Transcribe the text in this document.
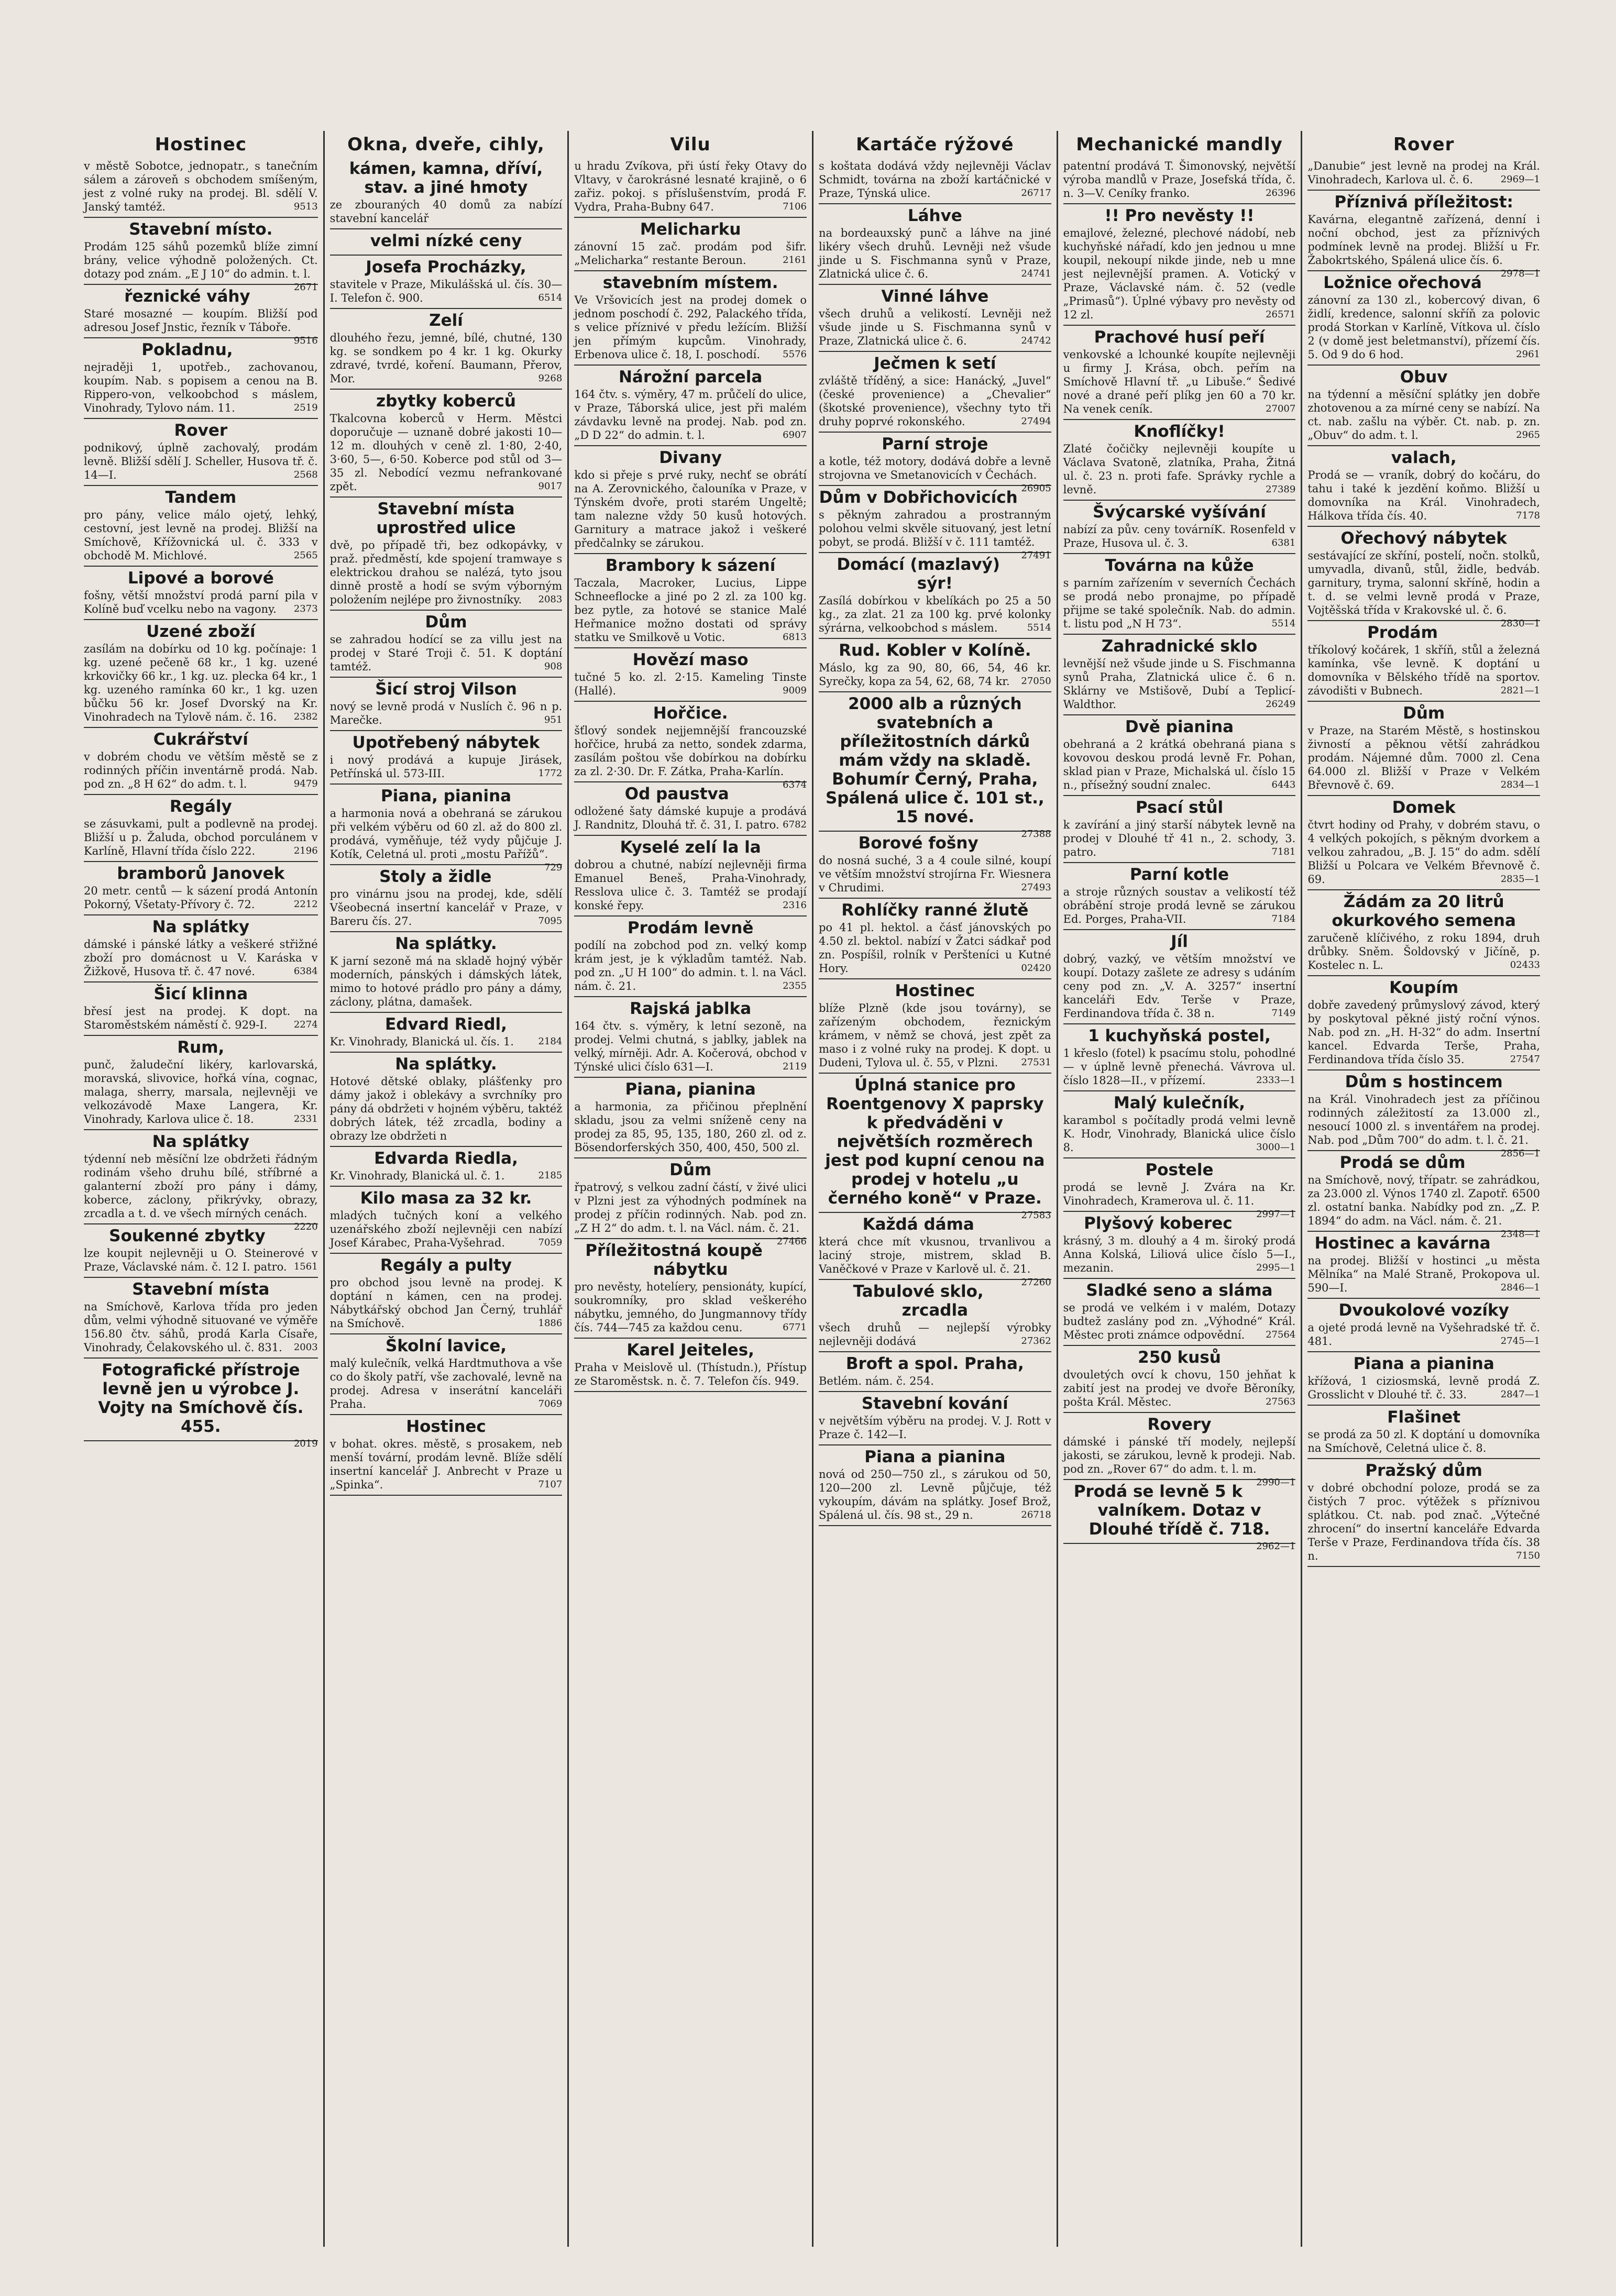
Hostinec
v městě Sobotce, jednopatr., s tanečním sálem a zároveň s obchodem smíšeným, jest z volné ruky na prodej. Bl. sdělí V. Janský tamtéž.	9513
Stavební místo.
Prodám 125 sáhů pozemků blíže zimní brány, velice výhodně položených. Ct. dotazy pod znám. „E J 10“ do admin. t. l.
2671
řeznické váhy
Staré mosazné — koupím. Bližší pod adresou Josef Jnstic, řezník v Táboře.
9516
Pokladnu,
nejraději 1, upotřeb., zachovanou, koupím. Nab. s popisem a cenou na B. Rippero-von, velkoobchod s máslem, Vinohrady, Tylovo nám. 11.	2519
Rover
podnikový, úplně zachovalý, prodám levně. Bližší sdělí J. Scheller, Husova tř. č. 14—I.	2568
Tandem
pro pány, velice málo ojetý, lehký, cestovní, jest levně na prodej. Bližší na Smíchově, Křížovnická ul. č. 333 v obchodě M. Michlové.	2565
Lipové a borové
fošny, větší množství prodá parní pila v Kolíně buď vcelku nebo na vagony. 2373
Uzené zboží
zasílám na dobírku od 10 kg. počínaje: 1 kg. uzené pečeně 68 kr., 1 kg. uzené krkovičky 66 kr., 1 kg. uz. plecka 64 kr., 1 kg. uzeného ramínka 60 kr., 1 kg. uzen bůčku 56 kr. Josef Dvorský na Kr. Vinohradech na Tylově nám. č. 16. 2382
Cukrářství
v dobrém chodu ve větším městě se z rodinných příčin inventárně prodá. Nab. pod zn. „8 H 62“ do adm. t. l.	9479
Regály
se zásuvkami, pult a podlevně na prodej. Bližší u p. Žaluda, obchod porculánem v Karlíně, Hlavní třída číslo 222.	2196
bramborů Janovek
20 metr. centů — k sázení prodá Antonín Pokorný, Všetaty-Přívory č. 72.	2212
Na splátky
dámské i pánské látky a veškeré střižné zboží pro domácnost u V. Karáska v Žižkově, Husova tř. č. 47 nové.	6384
Šicí klinna
břesí jest na prodej. K dopt. na Staroměstském náměstí č. 929-I.	2274
Rum,
punč, žaludeční likéry, karlovarská, moravská, slivovice, hořká vína, cognac, malaga, sherry, marsala, nejlevněji ve velkozávodě Maxe Langera, Kr. Vinohrady, Karlova ulice č. 18.	2331
Na splátky
týdenní neb měsíční lze obdržeti řádným rodinám všeho druhu bílé, stříbrné a galanterní zboží pro pány i dámy, koberce, záclony, přikrývky, obrazy, zrcadla a t. d. ve všech mírných cenách.
2220
Soukenné zbytky
lze koupit nejlevněji u O. Steinerové v Praze, Václavské nám. č. 12 I. patro. 1561
Stavební místa
na Smíchově, Karlova třída pro jeden dům, velmi výhodně situované ve výměře 156.80 čtv. sáhů, prodá Karla Císaře, Vinohrady, Čelakovského ul. č. 831. 2003
Fotografické přístroje levně jen u výrobce J. Vojty na Smíchově čís. 455.
2019
Okna, dveře, cihly,
kámen, kamna, dříví, stav. a jiné hmoty
ze zbouraných 40 domů za nabízí stavební kancelář
velmi nízké ceny
Josefa Procházky,
stavitele v Praze, Mikulášská ul. čís. 30—I. Telefon č. 900.	6514
Zelí
dlouhého řezu, jemné, bílé, chutné, 130 kg. se sondkem po 4 kr. 1 kg. Okurky zdravé, tvrdé, koření. Baumann, Přerov, Mor.	9268
zbytky koberců
Tkalcovna koberců v Herm. Městci doporučuje — uznaně dobré jakosti 10—12 m. dlouhých v ceně zl. 1·80, 2·40, 3·60, 5—, 6·50. Koberce pod stůl od 3—35 zl. Nebodící vezmu nefrankované zpět.	9017
Stavební místa uprostřed ulice
dvě, po případě tři, bez odkopávky, v praž. předměstí, kde spojení tramwaye s elektrickou drahou se nalézá, tyto jsou dinně prostě a hodí se svým výborným položením nejlépe pro živnostníky. 2083
Dům
se zahradou hodící se za villu jest na prodej v Staré Troji č. 51. K doptání tamtéž.	908
Šicí stroj Vilson
nový se levně prodá v Nuslích č. 96 n p. Marečke.	951
Upotřebený nábytek
i nový prodává a kupuje Jirásek, Petřínská ul. 573-III.	1772
Piana, pianina
a harmonia nová a obehraná se zárukou při velkém výběru od 60 zl. až do 800 zl. prodává, vyměňuje, též vydy půjčuje J. Kotík, Celetná ul. proti „mostu Pařížů“.
729
Stoly a židle
pro vinárnu jsou na prodej, kde, sdělí Všeobecná insertní kancelář v Praze, v Bareru čís. 27.	7095
Na splátky.
K jarní sezoně má na skladě hojný výběr moderních, pánských i dámských látek, mimo to hotové prádlo pro pány a dámy, záclony, plátna, damašek.
Edvard Riedl,
Kr. Vinohrady, Blanická ul. čís. 1.	2184
Na splátky.
Hotové dětské oblaky, plášťenky pro dámy jakož i oblekávy a svrchníky pro pány dá obdržeti v hojném výběru, taktéž dobrých látek, též zrcadla, bodiny a obrazy lze obdržeti n
Edvarda Riedla,
Kr. Vinohrady, Blanická ul. č. 1.	2185
Kilo masa za 32 kr.
mladých tučných koní a velkého uzenářského zboží nejlevněji cen nabízí Josef Kárabec, Praha-Vyšehrad.	7059
Regály a pulty
pro obchod jsou levně na prodej. K doptání n kámen, cen na prodej. Nábytkářský obchod Jan Černý, truhlář na Smíchově.	1886
Školní lavice,
malý kulečník, velká Hardtmuthova a vše co do školy patří, vše zachovalé, levně na prodej. Adresa v inserátní kanceláři Praha.	7069
Hostinec
v bohat. okres. městě, s prosakem, neb menší tovární, prodám levně. Blíže sdělí insertní kancelář J. Anbrecht v Praze u „Spinka“.	7107
Vilu
u hradu Zvíkova, při ústí řeky Otavy do Vltavy, v čarokrásné lesnaté krajině, o 6 zařiz. pokoj. s příslušenstvím, prodá F. Vydra, Praha-Bubny 647.	7106
Melicharku
zánovní 15 zač. prodám pod šifr. „Melicharka“ restante Beroun.	2161
stavebním místem.
Ve Vršovicích jest na prodej domek o jednom poschodí č. 292, Palackého třída, s velice příznivé v předu ležícím. Bližší jen přímým kupcům. Vinohrady, Erbenova ulice č. 18, I. poschodí. 5576
Nárožní parcela
164 čtv. s. výměry, 47 m. průčelí do ulice, v Praze, Táborská ulice, jest při malém závdavku levně na prodej. Nab. pod zn. „D D 22“ do admin. t. l.	6907
Divany
kdo si přeje s prvé ruky, nechť se obrátí na A. Zerovnického, čalouníka v Praze, v Týnském dvoře, proti starém Ungeltě; tam nalezne vždy 50 kusů hotových. Garnitury a matrace jakož i veškeré předčalnky se zárukou.
Brambory k sázení
Taczala, Macroker, Lucius, Lippe Schneeflocke a jiné po 2 zl. za 100 kg. bez pytle, za hotové se stanice Malé Heřmanice možno dostati od správy statku ve Smilkově u Votic.	6813
Hovězí maso
tučné 5 ko. zl. 2·15. Kameling Tinste (Hallé).	9009
Hořčice.
šťlový sondek nejjemnější francouzské hořčice, hrubá za netto, sondek zdarma, zasílám poštou vše dobírkou na dobírku za zl. 2·30. Dr. F. Zátka, Praha-Karlín.
6374
Od paustva
odložené šaty dámské kupuje a prodává J. Randnitz, Dlouhá tř. č. 31, I. patro. 6782
Kyselé zelí la la
dobrou a chutné, nabízí nejlevněji firma Emanuel Beneš, Praha-Vinohrady, Resslova ulice č. 3. Tamtéž se prodají konské řepy.	2316
Prodám levně
podílí na zobchod pod zn. velký komp krám jest, je k výkladům tamtéž. Nab. pod zn. „U H 100“ do admin. t. l. na Václ. nám. č. 21.	2355
Rajská jablka
164 čtv. s. výměry, k letní sezoně, na prodej. Velmi chutná, s jablky, jablek na velký, mírněji. Adr. A. Kočerová, obchod v Týnské ulici číslo 631—I.	2119
Piana, pianina
a harmonia, za přičinou přeplnění skladu, jsou za velmi sníženě ceny na prodej za 85, 95, 135, 180, 260 zl. od z. Bösendorferských 350, 400, 450, 500 zl.
Dům
řpatrový, s velkou zadní částí, v živé ulici v Plzni jest za výhodných podmínek na prodej z příčin rodinných. Nab. pod zn. „Z H 2“ do adm. t. l. na Václ. nám. č. 21.
27466
Příležitostná koupě nábytku
pro nevěsty, hotelíery, pensionáty, kupící, soukromníky, pro sklad veškerého nábytku, jemného, do Jungmannovy třídy čís. 744—745 za každou cenu.	6771
Karel Jeiteles,
Praha v Meislově ul. (Thístudn.), Přístup ze Staroměstsk. n. č. 7. Telefon čís. 949.
Kartáče rýžové
s koštata dodává vždy nejlevněji Václav Schmidt, továrna na zboží kartáčnické v Praze, Týnská ulice.	26717
Láhve
na bordeauxský punč a láhve na jiné likéry všech druhů. Levněji než všude jinde u S. Fischmanna synů v Praze, Zlatnická ulice č. 6.	24741
Vinné láhve
všech druhů a velikostí. Levněji než všude jinde u S. Fischmanna synů v Praze, Zlatnická ulice č. 6.	24742
Ječmen k setí
zvláště tříděný, a sice: Hanácký, „Juvel“ (české provenience) a „Chevalier“ (škotské provenience), všechny tyto tři druhy poprvé rokonského.	27494
Parní stroje
a kotle, též motory, dodává dobře a levně strojovna ve Smetanovicích v Čechách.
26905
Dům v Dobřichovicích
s pěkným zahradou a prostranným polohou velmi skvěle situovaný, jest letní pobyt, se prodá. Bližší v č. 111 tamtéž.
27491
Domácí (mazlavý) sýr!
Zasílá dobírkou v kbelíkách po 25 a 50 kg., za zlat. 21 za 100 kg. prvé kolonky sýrárna, velkoobchod s máslem.	5514
Rud. Kobler v Kolíně.
Máslo, kg za 90, 80, 66, 54, 46 kr. Syrečky, kopa za 54, 62, 68, 74 kr. 27050
2000 alb a různých svatebních a příležitostních dárků mám vždy na skladě. Bohumír Černý, Praha, Spálená ulice č. 101 st., 15 nové.
27388
Borové fošny
do nosná suché, 3 a 4 coule silné, koupí ve větším množství strojírna Fr. Wiesnera v Chrudimi.	27493
Rohlíčky ranné žlutě
po 41 pl. hektol. a čásť jánovských po 4.50 zl. bektol. nabízí v Žatci sádkař pod zn. Pospíšil, rolník v Peršteníci u Kutné Hory.	02420
Hostinec
blíže Plzně (kde jsou továrny), se zařízeným obchodem, řeznickým krámem, v němž se chová, jest zpět za maso i z volné ruky na prodej. K dopt. u Dudeni, Tylova ul. č. 55, v Plzni. 27531
Úplná stanice pro Roentgenovy X paprsky k předváděni v největších rozměrech jest pod kupní cenou na prodej v hotelu „u černého koně“ v Praze.
27583
Každá dáma
která chce mít vkusnou, trvanlivou a laciný stroje, mistrem, sklad B. Vaněčkové v Praze v Karlově ul. č. 21.
27260
Tabulové sklo, zrcadla
všech druhů — nejlepší výrobky nejlevněji dodává	27362
Broft a spol. Praha,
Betlém. nám. č. 254.
Stavební kování
v největším výběru na prodej. V. J. Rott v Praze č. 142—I.
Piana a pianina
nová od 250—750 zl., s zárukou od 50, 120—200 zl. Levně půjčuje, též vykoupím, dávám na splátky. Josef Brož, Spálená ul. čís. 98 st., 29 n.	26718
Mechanické mandly
patentní prodává T. Šimonovský, největší výroba mandlů v Praze, Josefská třída, č. n. 3—V. Ceníky franko.	26396
!! Pro nevěsty !!
emajlové, železné, plechové nádobí, neb kuchyňské nářadí, kdo jen jednou u mne koupil, nekoupí nikde jinde, neb u mne jest nejlevnější pramen. A. Votický v Praze, Václavské nám. č. 52 (vedle „Primasů“). Úplné výbavy pro nevěsty od 12 zl.	26571
Prachové husí peří
venkovské a lchounké koupíte nejlevněji u firmy J. Krása, obch. peřím na Smíchově Hlavní tř. „u Libuše.“ Šedivé nové a drané peří plíkg jen 60 a 70 kr. Na venek ceník.	27007
Knoflíčky!
Zlaté čočičky nejlevněji koupíte u Václava Svatoně, zlatníka, Praha, Žitná ul. č. 23 n. proti fafe. Správky rychle a levně.	27389
Švýcarské vyšívání
nabízí za pův. ceny továrníK. Rosenfeld v Praze, Husova ul. č. 3.	6381
Továrna na kůže
s parním zařízením v severních Čechách se prodá nebo pronajme, po případě přijme se také společník. Nab. do admin. t. listu pod „N H 73“.	5514
Zahradnické sklo
levnější než všude jinde u S. Fischmanna synů Praha, Zlatnická ulice č. 6 n. Sklárny ve Mstišově, Dubí a Teplicí-Waldthor.	26249
Dvě pianina
obehraná a 2 krátká obehraná piana s kovovou deskou prodá levně Fr. Pohan, sklad pian v Praze, Michalská ul. číslo 15 n., přísežný soudní znalec.	6443
Psací stůl
k zavírání a jiný starší nábytek levně na prodej v Dlouhé tř 41 n., 2. schody, 3. patro.	7181
Parní kotle
a stroje různých soustav a velikostí též obrábění stroje prodá levně se zárukou Ed. Porges, Praha-VII.	7184
Jíl
dobrý, vazký, ve větším množství ve koupí. Dotazy zašlete ze adresy s udáním ceny pod zn. „V. A. 3257“ insertní kanceláři Edv. Terše v Praze, Ferdinandova třída č. 38 n.	7149
1 kuchyňská postel,
1 křeslo (fotel) k psacímu stolu, pohodlné — v úplně levně přenechá. Vávrova ul. číslo 1828—II., v přízemí.	2333—1
Malý kulečník,
karambol s počítadly prodá velmi levně K. Hodr, Vinohrady, Blanická ulice číslo 8.	3000—1
Postele
prodá se levně J. Zvára na Kr. Vinohradech, Kramerova ul. č. 11.
2997—1
Plyšový koberec
krásný, 3 m. dlouhý a 4 m. široký prodá Anna Kolská, Liliová ulice číslo 5—I., mezanin.	2995—1
Sladké seno a sláma
se prodá ve velkém i v malém, Dotazy budtež zaslány pod zn. „Výhodné“ Král. Městec proti známce odpovědní. 27564
250 kusů
dvouletých ovcí k chovu, 150 jehňat k zabití jest na prodej ve dvoře Běroníky, pošta Král. Městec.	27563
Rovery
dámské i pánské tří modely, nejlepší jakosti, se zárukou, levně k prodeji. Nab. pod zn. „Rover 67“ do adm. t. l. m.
2990—1
Prodá se levně 5 k valníkem. Dotaz v Dlouhé třídě č. 718.
2962—1
Rover
„Danubie“ jest levně na prodej na Král. Vinohradech, Karlova ul. č. 6.	2969—1
Příznivá příležitost:
Kavárna, elegantně zařízená, denní i noční obchod, jest za příznivých podmínek levně na prodej. Bližší u Fr. Žabokrtského, Spálená ulice čís. 6.
2978—1
Ložnice ořechová
zánovní za 130 zl., kobercový divan, 6 židlí, kredence, salonní skříň za polovic prodá Storkan v Karlíně, Vítkova ul. číslo 2 (v domě jest beletmanství), přízemí čís. 5. Od 9 do 6 hod.	2961
Obuv
na týdenní a měsíční splátky jen dobře zhotovenou a za mírné ceny se nabízí. Na ct. nab. zašlu na výběr. Ct. nab. p. zn. „Obuv“ do adm. t. l.	2965
valach,
Prodá se — vraník, dobrý do kočáru, do tahu i také k jezdění koňmo. Bližší u domovníka na Král. Vinohradech, Hálkova třída čís. 40.	7178
Ořechový nábytek
sestávající ze skříní, postelí, nočn. stolků, umyvadla, divanů, stůl, židle, bedváb. garnitury, tryma, salonní skříně, hodin a t. d. se velmi levně prodá v Praze, Vojtěšská třída v Krakovské ul. č. 6.
2830—1
Prodám
tříkolový kočárek, 1 skříň, stůl a železná kamínka, vše levně. K doptání u domovníka v Bělského třídě na sportov. závodišti v Bubnech.	2821—1
Dům
v Praze, na Starém Městě, s hostinskou živností a pěknou větší zahrádkou prodám. Nájemné dům. 7000 zl. Cena 64.000 zl. Bližší v Praze v Velkém Břevnově č. 69.	2834—1
Domek
čtvrt hodiny od Prahy, v dobrém stavu, o 4 velkých pokojích, s pěkným dvorkem a velkou zahradou, „B. J. 15“ do adm. sdělí Bližší u Polcara ve Velkém Břevnově č. 69.	2835—1
Žádám za 20 litrů okurkového semena
zaručeně klíčivého, z roku 1894, druh drůbky. Sněm. Šoldovský v Jičíně, p. Kostelec n. L.	02433
Koupím
dobře zavedený průmyslový závod, který by poskytoval pěkné jistý roční výnos. Nab. pod zn. „H. H-32“ do adm. Insertní kancel. Edvarda Terše, Praha, Ferdinandova třída číslo 35.	27547
Dům s hostincem
na Král. Vinohradech jest za příčinou rodinných záležitostí za 13.000 zl., nesoucí 1000 zl. s inventářem na prodej. Nab. pod „Dům 700“ do adm. t. l. č. 21.
2856—1
Prodá se dům
na Smíchově, nový, třípatr. se zahrádkou, za 23.000 zl. Výnos 1740 zl. Zapotř. 6500 zl. ostatní banka. Nabídky pod zn. „Z. P. 1894“ do adm. na Václ. nám. č. 21.
2348—1
Hostinec a kavárna
na prodej. Bližší v hostinci „u města Mělníka“ na Malé Straně, Prokopova ul. 590—I.	2846—1
Dvoukolové vozíky
a ojeté prodá levně na Vyšehradské tř. č. 481.	2745—1
Piana a pianina
křížová, 1 ciziosmská, levně prodá Z. Grosslicht v Dlouhé tř. č. 33.	2847—1
Flašinet
se prodá za 50 zl. K doptání u domovníka na Smíchově, Celetná ulice č. 8.
Pražský dům
v dobré obchodní poloze, prodá se za čistých 7 proc. výtěžek s příznivou splátkou. Ct. nab. pod znač. „Výtečné zhrocení“ do insertní kanceláře Edvarda Terše v Praze, Ferdinandova třída čís. 38 n.	7150
